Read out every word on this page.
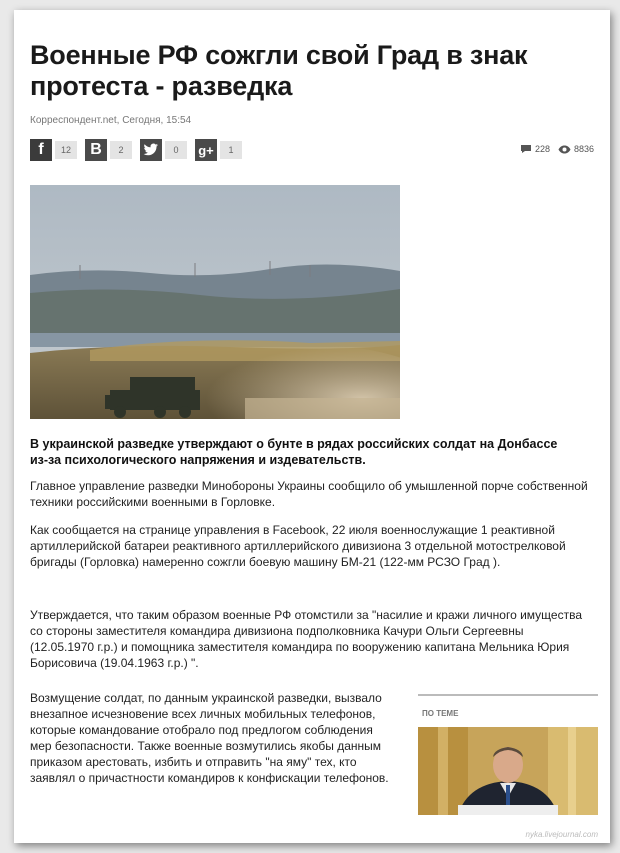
Военные РФ сожгли свой Град в знак протеста - разведка
Корреспондент.net, Сегодня, 15:54
f	12	B	2	0	g+	1	228	8836
В украинской разведке утверждают о бунте в рядах российских солдат на Донбассе из-за психологического напряжения и издевательств.
Главное управление разведки Минобороны Украины сообщило об умышленной порче собственной техники российскими военными в Горловке.
Как сообщается на странице управления в Facebook, 22 июля военнослужащие 1 реактивной артиллерийской батареи реактивного артиллерийского дивизиона 3 отдельной мотострелковой бригады (Горловка) намеренно сожгли боевую машину БМ-21 (122-мм РСЗО Град ).
Утверждается, что таким образом военные РФ отомстили за "насилие и кражи личного имущества со стороны заместителя командира дивизиона подполковника Качури Ольги Сергеевны (12.05.1970 г.р.) и помощника заместителя командира по вооружению капитана Мельника Юрия Борисовича (19.04.1963 г.р.) ".
Возмущение солдат, по данным украинской разведки, вызвало внезапное исчезновение всех личных мобильных телефонов, которые командование отобрало под предлогом соблюдения мер безопасности. Также военные возмутились якобы данным приказом арестовать, избить и отправить "на яму" тех, кто заявлял о причастности командиров к конфискации телефонов.
ПО ТЕМЕ
nykа.livejournal.com
